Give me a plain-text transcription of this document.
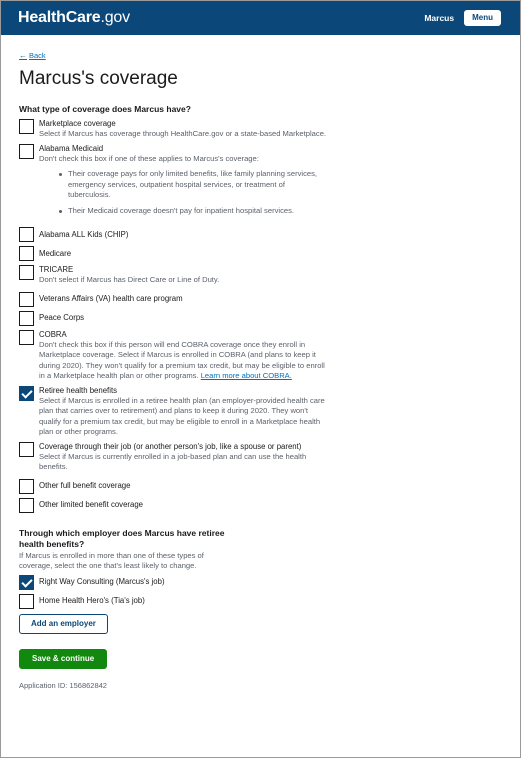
HealthCare.gov	Marcus	Menu
← Back
Marcus's coverage
What type of coverage does Marcus have?
Marketplace coverage
Select if Marcus has coverage through HealthCare.gov or a state-based Marketplace.
Alabama Medicaid
Don't check this box if one of these applies to Marcus's coverage:
Their coverage pays for only limited benefits, like family planning services, emergency services, outpatient hospital services, or treatment of tuberculosis.
Their Medicaid coverage doesn't pay for inpatient hospital services.
Alabama ALL Kids (CHIP)
Medicare
TRICARE
Don't select if Marcus has Direct Care or Line of Duty.
Veterans Affairs (VA) health care program
Peace Corps
COBRA
Don't check this box if this person will end COBRA coverage once they enroll in Marketplace coverage. Select if Marcus is enrolled in COBRA (and plans to keep it during 2020). They won't qualify for a premium tax credit, but may be eligible to enroll in a Marketplace health plan or other programs. Learn more about COBRA.
Retiree health benefits
Select if Marcus is enrolled in a retiree health plan (an employer-provided health care plan that carries over to retirement) and plans to keep it during 2020. They won't qualify for a premium tax credit, but may be eligible to enroll in a Marketplace health plan or other programs.
Coverage through their job (or another person's job, like a spouse or parent)
Select if Marcus is currently enrolled in a job-based plan and can use the health benefits.
Other full benefit coverage
Other limited benefit coverage
Through which employer does Marcus have retiree health benefits?
If Marcus is enrolled in more than one of these types of coverage, select the one that's least likely to change.
Right Way Consulting (Marcus's job)
Home Health Hero's (Tia's job)
Add an employer
Save & continue
Application ID: 156862842
